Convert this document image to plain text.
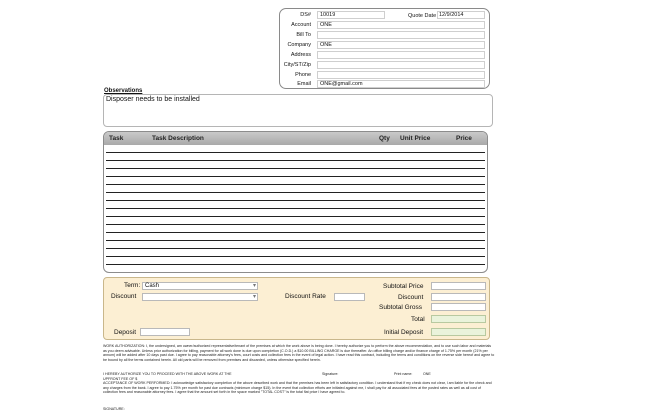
DS#	10019	Quote Date 12/9/2014
Account	ONE
Bill To
Company	ONE
Address
City/ST/Zip
Phone
Email	ONE@gmail.com
Observations
Disposer needs to be installed
Task	Task Description	Qty Unit Price	Price
Term: Cash ▾
Discount
▾	Discount Rate
Subtotal Price
Discount
Subtotal Gross
Total
Deposit	Initial Deposit
WORK AUTHORIZATION: I, the undersigned, am owner/authorized representative/tenant of the premises at which the work above is being done. I hereby authorize you to perform the above recommendation, and to use such labor and materials as you deem advisable. Unless prior authorization for billing, payment for all work done is due upon completion (C.O.D.) a $10.00 BILLING CHARGE is due thereafter. An office billing charge and/or finance charge of 1.75% per month (21% per annum) will be added after 10 days past due. I agree to pay reasonable attorney's fees, court costs and collection fees in the event of legal action. I have read this contract, including the terms and conditions on the reverse side hereof and agree to be bound by all the terms contained herein. All old parts will be removed from premises and discarded, unless otherwise specified herein.
I HEREBY AUTHORIZE YOU TO PROCEED WITH THE ABOVE WORK AT THE UPFRONT FEE OF $
Signature:	Print name:	ONE
ACCEPTANCE OF WORK PERFORMED: I acknowledge satisfactory completion of the above described work and that the premises has been left in satisfactory condition. I understand that if my check does not clear, I am liable for the check and any charges from the bank. I agree to pay 1.75% per month for past due contracts (minimum charge $15). In the event that collection efforts are initiated against me, I shall pay for all associated fees at the posted rates as well as all cost of collection fees and reasonable attorney fees. I agree that the amount set forth in the space marked "TOTAL COST" is the total flat price I have agreed to.
SIGNATURE:
